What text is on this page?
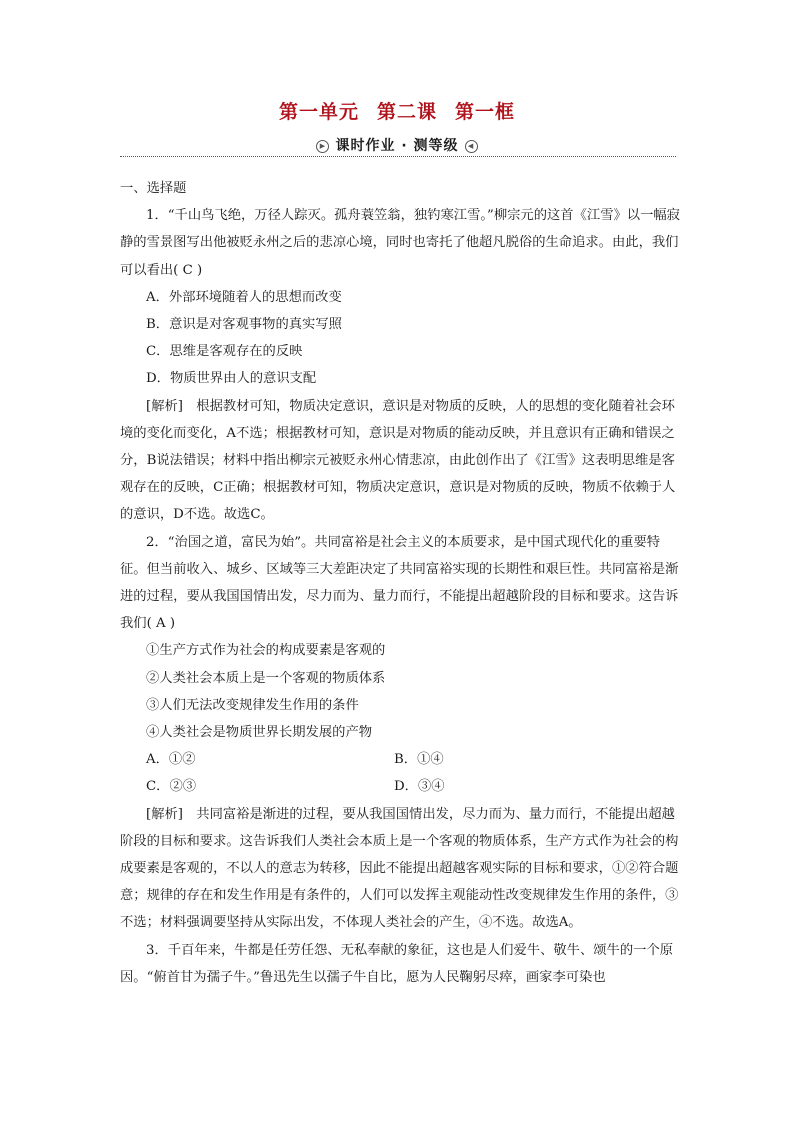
第一单元 第二课 第一框
▶ 课时作业 · 测等级 ◀

一、选择题

1．“千山鸟飞绝，万径人踪灭。孤舟蓑笠翁，独钓寒江雪。”柳宗元的这首《江雪》以一幅寂静的雪景图写出他被贬永州之后的悲凉心境，同时也寄托了他超凡脱俗的生命追求。由此，我们可以看出( C )

A．外部环境随着人的思想而改变

B．意识是对客观事物的真实写照

C．思维是客观存在的反映

D．物质世界由人的意识支配

[解析]　根据教材可知，物质决定意识，意识是对物质的反映，人的思想的变化随着社会环境的变化而变化，A不选；根据教材可知，意识是对物质的能动反映，并且意识有正确和错误之分，B说法错误；材料中指出柳宗元被贬永州心情悲凉，由此创作出了《江雪》这表明思维是客观存在的反映，C正确；根据教材可知，物质决定意识，意识是对物质的反映，物质不依赖于人的意识，D不选。故选C。

2．“治国之道，富民为始”。共同富裕是社会主义的本质要求，是中国式现代化的重要特征。但当前收入、城乡、区域等三大差距决定了共同富裕实现的长期性和艰巨性。共同富裕是渐进的过程，要从我国国情出发，尽力而为、量力而行，不能提出超越阶段的目标和要求。这告诉我们( A )

①生产方式作为社会的构成要素是客观的

②人类社会本质上是一个客观的物质体系

③人们无法改变规律发生作用的条件

④人类社会是物质世界长期发展的产物

A．①②	B．①④
C．②③	D．③④

[解析]　共同富裕是渐进的过程，要从我国国情出发，尽力而为、量力而行，不能提出超越阶段的目标和要求。这告诉我们人类社会本质上是一个客观的物质体系，生产方式作为社会的构成要素是客观的，不以人的意志为转移，因此不能提出超越客观实际的目标和要求，①②符合题意；规律的存在和发生作用是有条件的，人们可以发挥主观能动性改变规律发生作用的条件，③不选；材料强调要坚持从实际出发，不体现人类社会的产生，④不选。故选A。

3．千百年来，牛都是任劳任怨、无私奉献的象征，这也是人们爱牛、敬牛、颂牛的一个原因。“俯首甘为孺子牛。”鲁迅先生以孺子牛自比，愿为人民鞠躬尽瘁，画家李可染也
